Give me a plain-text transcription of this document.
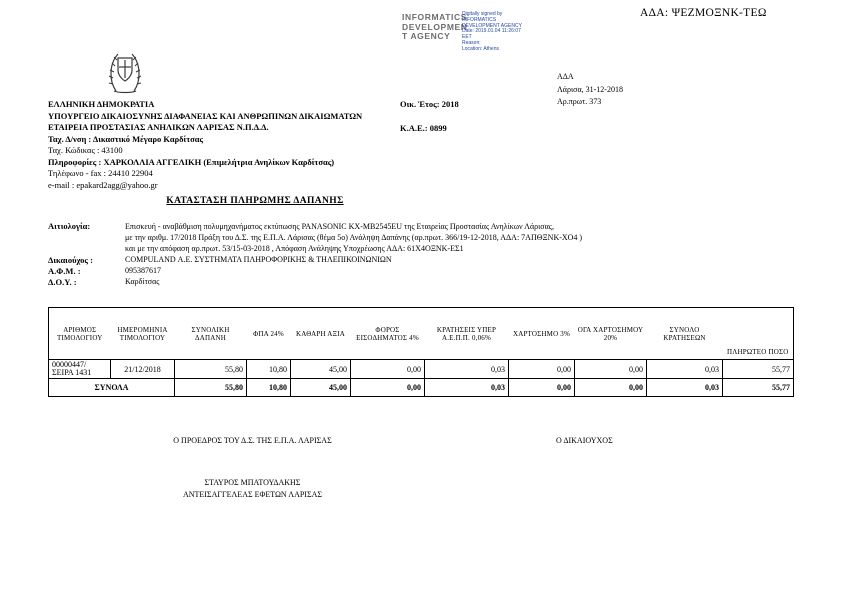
ΑΔΑ: ΨΕΖΜΟΞΝΚ-ΤΕΩ
INFORMATICS
DEVELOPMEN
T AGENCY
Digitally signed by
INFORMATICS
DEVELOPMENT AGENCY
Date: 2019.01.04 11:26:07
EET
Reason:
Location: Athens
ΕΛΛΗΝΙΚΗ ΔΗΜΟΚΡΑΤΙΑ
ΥΠΟΥΡΓΕΙΟ ΔΙΚΑΙΟΣΥΝΗΣ ΔΙΑΦΑΝΕΙΑΣ ΚΑΙ ΑΝΘΡΩΠΙΝΩΝ ΔΙΚΑΙΩΜΑΤΩΝ
ΕΤΑΙΡΕΙΑ ΠΡΟΣΤΑΣΙΑΣ ΑΝΗΛΙΚΩΝ ΛΑΡΙΣΑΣ Ν.Π.Δ.Δ.
Ταχ. Δ/νση : Δικαστικό Μέγαρο Καρδίτσας
Ταχ. Κώδικας : 43100
Πληροφορίες : ΧΑΡΚΟΛΛΙΑ ΑΓΓΕΛΙΚΗ (Επιμελήτρια Ανηλίκων Καρδίτσας)
Τηλέφωνο - fax : 24410 22904
e-mail : epakard2agg@yahoo.gr
Οικ. Έτος: 2018
Κ.Α.Ε.: 0899
ΑΔΑ
Λάρισα, 31-12-2018
Αρ.πρωτ. 373
ΚΑΤΑΣΤΑΣΗ ΠΛΗΡΩΜΗΣ ΔΑΠΑΝΗΣ
Αιτιολογία:	Επισκευή - αναβάθμιση πολυμηχανήματος εκτύπωσης PANASONIC KX-MB2545EU της Εταιρείας Προστασίας Ανηλίκων Λάρισας,
με την αριθμ. 17/2018 Πράξη του Δ.Σ. της Ε.Π.Α. Λάρισας (θέμα 5ο) Ανάληψη Δαπάνης (αρ.πρωτ. 366/19-12-2018, ΑΔΑ: 7ΑΠΘΞΝΚ-ΧΟ4 )
και με την απόφαση αρ.πρωτ. 53/15-03-2018 , Απόφαση Ανάληψης Υποχρέωσης ΑΔΑ: 61Χ4ΟΞΝΚ-ΕΣ1
Δικαιούχος :	COMPULAND Α.Ε. ΣΥΣΤΗΜΑΤΑ ΠΛΗΡΟΦΟΡΙΚΗΣ & ΤΗΛΕΠΙΚΟΙΝΩΝΙΩΝ
Α.Φ.Μ. :	095387617
Δ.Ο.Υ. :	Καρδίτσας
ΑΡΙΘΜΟΣ ΤΙΜΟΛΟΓΙΟΥ	ΗΜΕΡΟΜΗΝΙΑ ΤΙΜΟΛΟΓΙΟΥ	ΣΥΝΟΛΙΚΗ ΔΑΠΑΝΗ	ΦΠΑ 24%	ΚΑΘΑΡΗ ΑΞΙΑ	ΦΟΡΟΣ ΕΙΣΟΔΗΜΑΤΟΣ 4%	ΚΡΑΤΗΣΕΙΣ ΥΠΕΡ Α.Ε.Π.Π. 0,06%	ΧΑΡΤΟΣΗΜΟ 3%	ΟΓΑ ΧΑΡΤΟΣΗΜΟΥ 20%	ΣΥΝΟΛΟ ΚΡΑΤΗΣΕΩΝ	ΠΛΗΡΩΤΕΟ ΠΟΣΟ
00000447/ΣΕΙΡΑ 1431	21/12/2018	55,80	10,80	45,00	0,00	0,03	0,00	0,00	0,03	55,77
ΣΥΝΟΛΑ		55,80	10,80	45,00	0,00	0,03	0,00	0,00	0,03	55,77
Ο ΠΡΟΕΔΡΟΣ ΤΟΥ Δ.Σ. ΤΗΣ Ε.Π.Α. ΛΑΡΙΣΑΣ	Ο ΔΙΚΑΙΟΥΧΟΣ
ΣΤΑΥΡΟΣ ΜΠΑΤΟΥΔΑΚΗΣ
ΑΝΤΕΙΣΑΓΓΕΛΕΑΣ ΕΦΕΤΩΝ ΛΑΡΙΣΑΣ
